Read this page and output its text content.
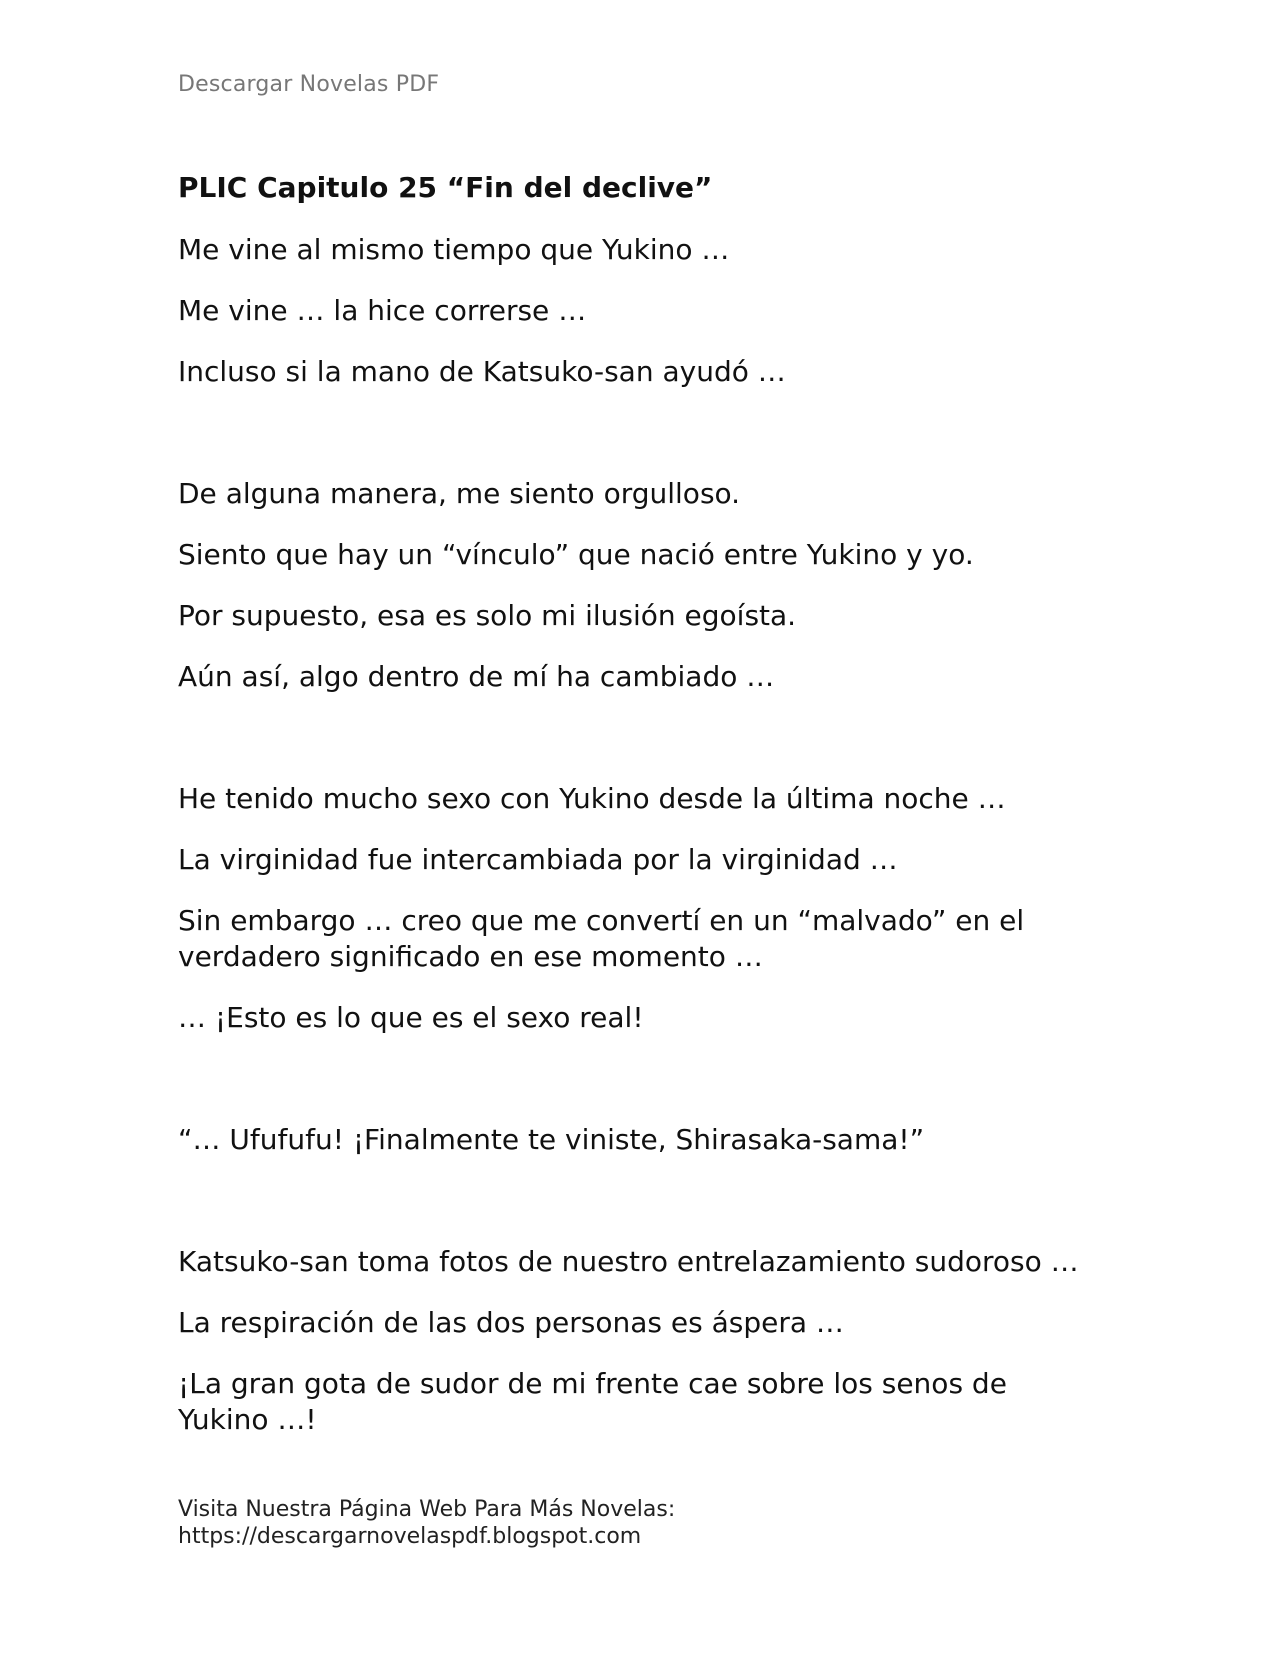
Descargar Novelas PDF

PLIC Capitulo 25 “Fin del declive”

Me vine al mismo tiempo que Yukino …

Me vine … la hice correrse …

Incluso si la mano de Katsuko-san ayudó …

De alguna manera, me siento orgulloso.

Siento que hay un “vínculo” que nació entre Yukino y yo.

Por supuesto, esa es solo mi ilusión egoísta.

Aún así, algo dentro de mí ha cambiado …

He tenido mucho sexo con Yukino desde la última noche …

La virginidad fue intercambiada por la virginidad …

Sin embargo … creo que me convertí en un “malvado” en el verdadero significado en ese momento …

… ¡Esto es lo que es el sexo real!

“… Ufufufu! ¡Finalmente te viniste, Shirasaka-sama!”

Katsuko-san toma fotos de nuestro entrelazamiento sudoroso …

La respiración de las dos personas es áspera …

¡La gran gota de sudor de mi frente cae sobre los senos de Yukino …!

Visita Nuestra Página Web Para Más Novelas:
https://descargarnovelaspdf.blogspot.com
